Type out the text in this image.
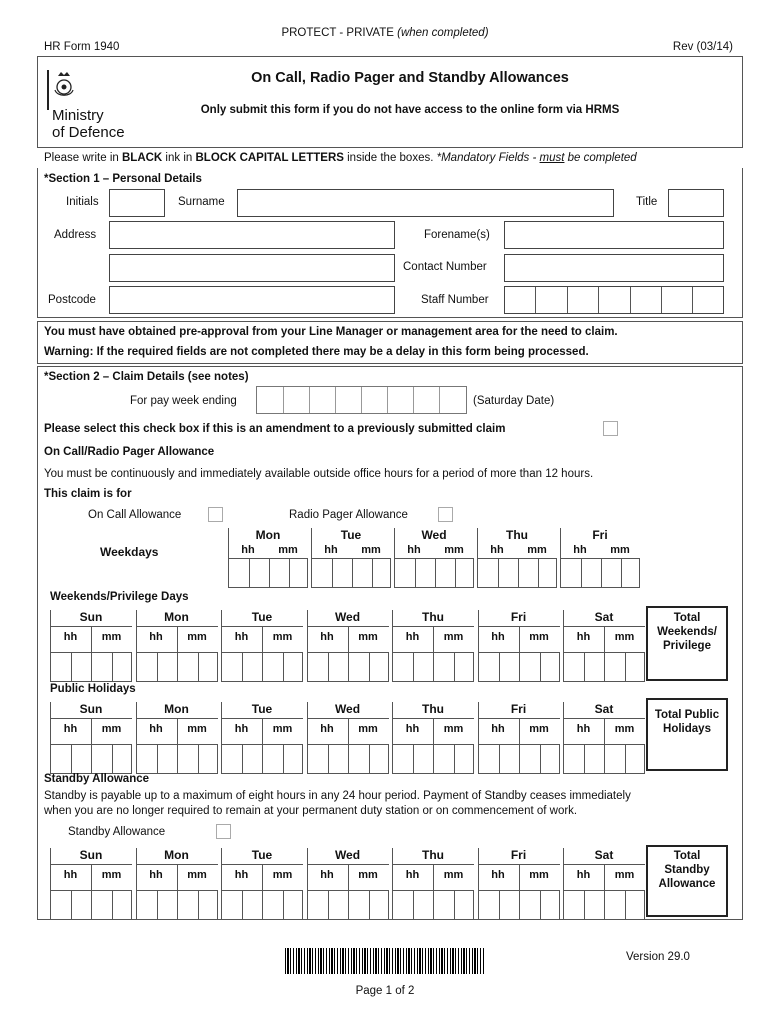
PROTECT - PRIVATE (when completed)
HR Form 1940	Rev (03/14)
Ministry
of Defence
On Call, Radio Pager and Standby Allowances
Only submit this form if you do not have access to the online form via HRMS
Please write in BLACK ink in BLOCK CAPITAL LETTERS inside the boxes. *Mandatory Fields - must be completed
*Section 1 – Personal Details
Initials	Surname	Title
Address	Forename(s)
Contact Number
Postcode	Staff Number
You must have obtained pre-approval from your Line Manager or management area for the need to claim.
Warning: If the required fields are not completed there may be a delay in this form being processed.
*Section 2 – Claim Details (see notes)
For pay week ending	(Saturday Date)
Please select this check box if this is an amendment to a previously submitted claim
On Call/Radio Pager Allowance
You must be continuously and immediately available outside office hours for a period of more than 12 hours.
This claim is for
On Call Allowance	Radio Pager Allowance
Weekdays
Mon
hh	mm
Tue
hh	mm
Wed
hh	mm
Thu
hh	mm
Fri
hh	mm
Weekends/Privilege Days
Sun
hh	mm
Mon
hh	mm
Tue
hh	mm
Wed
hh	mm
Thu
hh	mm
Fri
hh	mm
Sat
hh	mm
Total
Weekends/
Privilege
Public Holidays
Sun
hh	mm
Mon
hh	mm
Tue
hh	mm
Wed
hh	mm
Thu
hh	mm
Fri
hh	mm
Sat
hh	mm
Total Public
Holidays
Standby Allowance
Standby is payable up to a maximum of eight hours in any 24 hour period. Payment of Standby ceases immediately
when you are no longer required to remain at your permanent duty station or on commencement of work.
Standby Allowance
Sun
hh	mm
Mon
hh	mm
Tue
hh	mm
Wed
hh	mm
Thu
hh	mm
Fri
hh	mm
Sat
hh	mm
Total
Standby
Allowance
Version 29.0
Page 1 of 2
